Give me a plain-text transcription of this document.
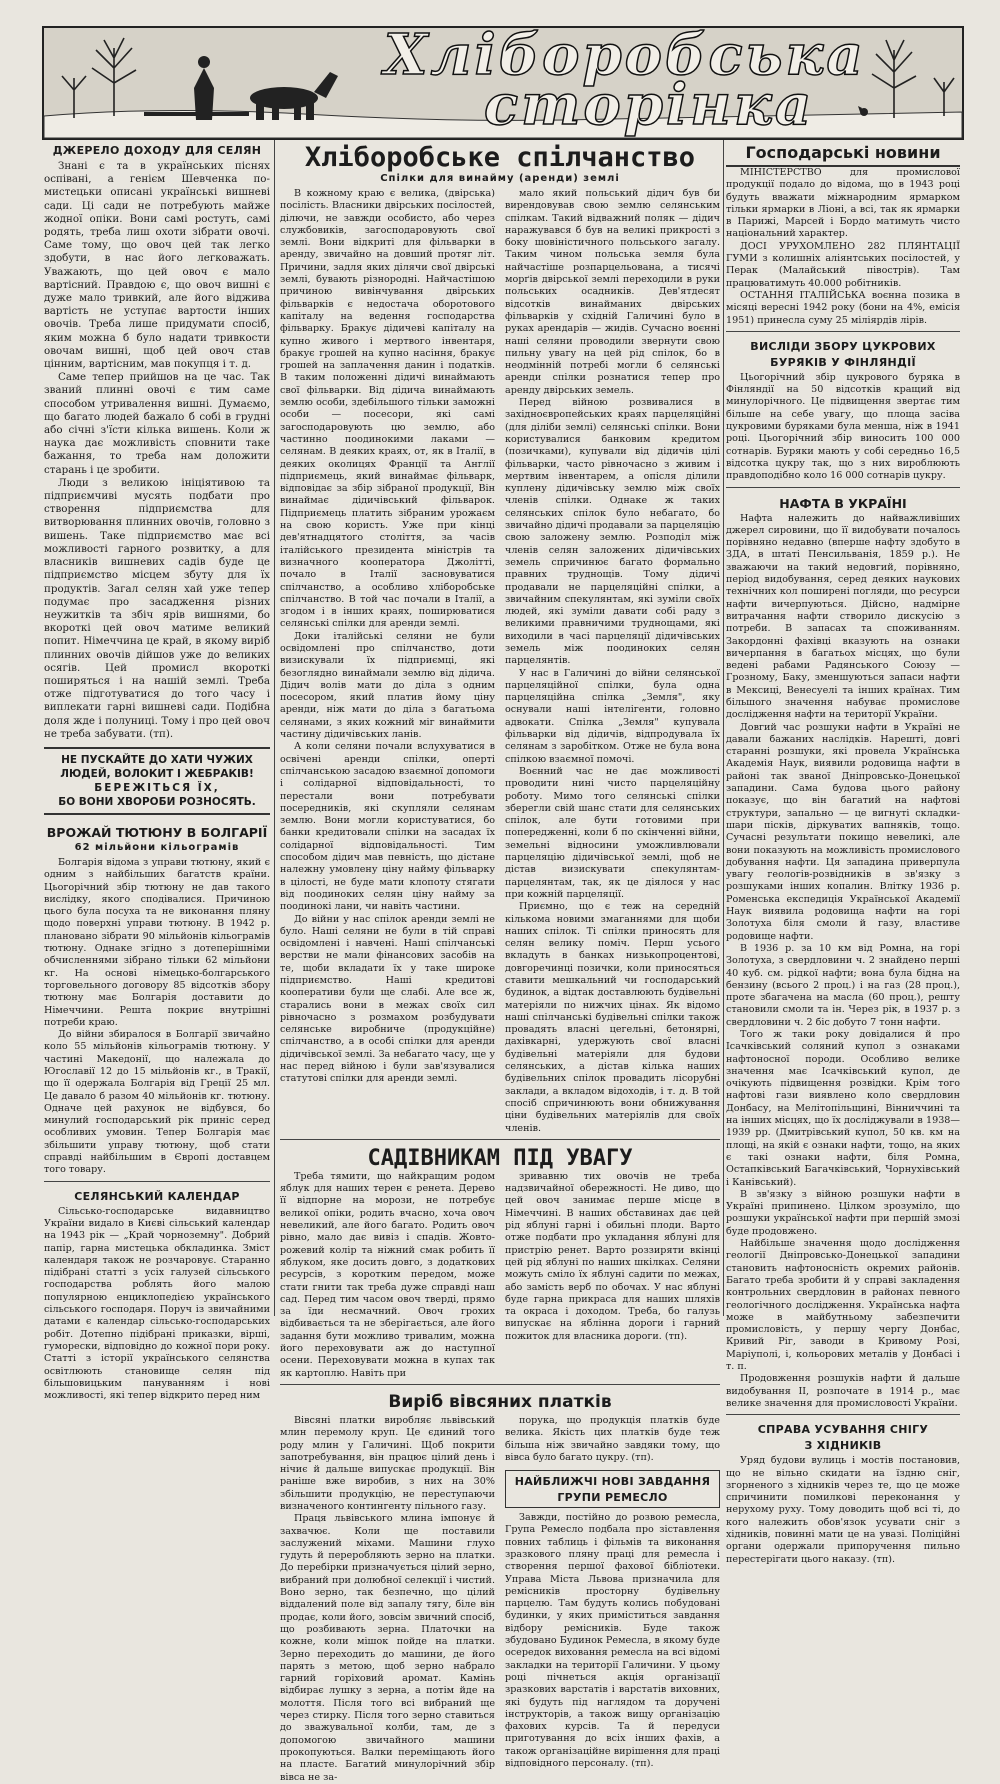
Хліборобська
сторінка
ДЖЕРЕЛО ДОХОДУ ДЛЯ СЕЛЯН

Знані є та в українських піснях оспівані, а генієм Шевченка по-мистецьки описані українські вишневі сади. Ці сади не потребують майже жодної опіки. Вони самі ростуть, самі родять, треба лиш охоти зібрати овочі. Саме тому, що овоч цей так легко здобути, в нас його легковажать. Уважають, що цей овоч є мало вартісний. Правдою є, що овоч вишні є дуже мало тривкий, але його віджива вартість не уступає вартости інших овочів. Треба лише придумати спосіб, яким можна б було надати тривкости овочам вишні, щоб цей овоч став цінним, вартісним, мав покупця і т. д.

Саме тепер прийшов на це час. Так званий плинні овочі є тим саме способом утривалення вишні. Думаємо, що багато людей бажало б собі в грудні або січні з'їсти кілька вишень. Коли ж наука дає можливість сповнити таке бажання, то треба нам доложити старань і це зробити.

Люди з великою ініціятивою та підприємчиві мусять подбати про створення підприємства для витворювання плинних овочів, головно з вишень. Таке підприємство має всі можливості гарного розвитку, а для власників вишневих садів буде це підприємство місцем збуту для їх продуктів. Загал селян хай уже тепер подумає про засадження різних неужитків та збіч ярів вишнями, бо вкороткі цей овоч матиме великий попит. Німеччина це край, в якому виріб плинних овочів дійшов уже до великих осягів. Цей промисл вкороткі поширяться і на нашій землі. Треба отже підготуватися до того часу і виплекати гарні вишневі сади. Подібна доля жде і полуниці. Тому і про цей овоч не треба забувати. (тп).

НЕ ПУСКАЙТЕ ДО ХАТИ ЧУЖИХ
ЛЮДЕЙ, ВОЛОКИТ І ЖЕБРАКІВ!
БЕРЕЖІТЬСЯ ЇХ,
БО ВОНИ ХВОРОБИ РОЗНОСЯТЬ.
ВРОЖАЙ ТЮТЮНУ В БОЛГАРІЇ
62 мільйони кільограмів

Болгарія відома з управи тютюну, який є одним з найбільших багатств країни. Цьогорічний збір тютюну не дав такого вислідку, якого сподівалися. Причиною цього була посуха та не виконання пляну щодо поверхні управи тютюну. В 1942 р. плановано зібрати 90 мільйонів кільограмів тютюну. Однаке згідно з дотеперішніми обчисленнями зібрано тільки 62 мільйони кг. На основі німецько-болгарського торговельного договору 85 відсотків збору тютюну має Болгарія доставити до Німеччини. Решта покриє внутрішні потреби краю.

До війни збиралося в Болгарії звичайно коло 55 мільйонів кільограмів тютюну. У частині Македонії, що належала до Югославії 12 до 15 мільйонів кг., в Тракії, що її одержала Болгарія від Греції 25 мл. Це давало б разом 40 мільйонів кг. тютюну. Одначе цей рахунок не відбувся, бо минулий господарський рік приніс серед особливих умовин. Тепер Болгарія має збільшити управу тютюну, щоб стати справді найбільшим в Європі доставцем того товару.

СЕЛЯНСЬКИЙ КАЛЕНДАР

Сільсько-господарське видавництво України видало в Києві сільський календар на 1943 рік — „Край чорноземну". Добрий папір, гарна мистецька обкладинка. Зміст календаря також не розчаровує. Старанно підібрані статті з усіх галузей сільського господарства роблять його малою популярною енциклопедією українського сільського господаря. Поруч із звичайними датами є календар сільсько-господарських робіт. Дотепно підібрані приказки, вірші, гуморески, відповідно до кожної пори року. Статті з історії українського селянства освітлюють становище селян під більшовицьким пануванням і нові можливості, які тепер відкрито перед ним

Хліборобське спілчанство
Спілки для винайму (аренди) землі

В кожному краю є велика, (двірська) посілість. Власники двірських посілостей, ділючи, не завжди особисто, або через службовиків, загосподаровують свої землі. Вони відкриті для фільварки в аренду, звичайно на довший протяг літ. Причини, задля яких ділячи свої двірські землі, бувають різнородні. Найчастішою причиною вивінчування двірських фільварків є недостача оборотового капіталу на ведення господарства фільварку. Бракує дідичеві капіталу на купно живого і мертвого інвентаря, бракує грошей на купно насіння, бракує грошей на заплачення данин і податків. В таким положенні дідичі винаймають свої фільварки. Від дідича винаймають землю особи, здебільшого тільки заможні особи — посесори, які самі загосподаровують цю землю, або частинно поодинокими лаками — селянам. В деяких краях, от, як в Італії, в деяких околицях Франції та Англії підприємець, який винаймає фільварк, відповідає за збір зібраної продукції, Він винаймає дідичівський фільварок. Підприємець платить зібраним урожаєм на свою користь. Уже при кінці дев'ятнадцятого століття, за часів італійського президента міністрів та визначного кооператора Джоліттi, почало в Італії засновуватися спілчанство, а особливо хліборобське спілчанство. В той час почали в Італії, а згодом і в інших краях, поширюватися селянські спілки для аренди землі.

Доки італійські селяни не були освідомлені про спілчанство, доти визискували їх підприємці, які безоглядно винаймали землю від дідича. Дідич волів мати до діла з одним посесором, який платив йому ціну аренди, ніж мати до діла з багатьома селянами, з яких кожний міг винаймити частину дідичівських ланів.

А коли селяни почали вслухуватися в освічені аренди спілки, оперті спілчанською засадою взаємної допомоги і солідарної відповідальності, то перестали вони потребувати посередників, які скупляли селянам землю. Вони могли користуватися, бо банки кредитовали спілки на засадах їх солідарної відповідальності. Тим способом дідич мав певність, що дістане належну умовлену ціну найму фільварку в цілості, не буде мати клопоту стягати від поодиноких селян ціну найму за поодинокі лани, чи навіть частини.

До війни у нас спілок аренди землі не було. Нашi селяни не були в тій справі освідомлені і навчені. Наші спілчанські верстви не мали фінансових засобів на те, щоби вкладати їх у таке широке підприємство. Наші кредитові кооперативи були ще слабі. Але все ж, старались вони в межах своїх сил рівночасно з розмахом розбудувати селянське виробниче (продукційне) спілчанство, а в особі спілки для аренди дідичівської землі. За небагато часу, ще у нас перед війною і були зав'язувалися статутові спілки для аренди землі.

мало який польський дідич був би вирендовував свою землю селянським спілкам. Такий відважний поляк — дідич наражувався б був на великі прикрості з боку шовіністичного польського загалу. Таким чином польська земля була найчастіше розпарцельована, а тисячі морґів двірської землі переходили в руки польських осадників. Дев'ятдесят відсотків винайманих двірських фільварків у східній Галичині було в руках арендарів — жидів. Сучасно воєнні наші селяни проводили звернути свою пильну увагу на цей рід спілок, бо в неодмінній потребі могли б селянські аренди спілки рознатися тепер про аренду двірських земель.

Перед війною розвивалися в західноєвропейських краях парцеляційні (для діліби землі) селянські спілки. Вони користувалися банковим кредитом (позичками), купували від дідичів цілі фільварки, часто рівночасно з живим і мертвим інвентарем, а опісля ділили куплену дідичівську землю між своїх членів спілки. Однаке ж таких селянських спілок було небагато, бо звичайно дідичі продавали за парцеляцію свою заложену землю. Розподіл між членів селян заложених дідичівських земель спричинює багато формально правних труднощів. Тому дідичі продавали не парцеляційні спілки, а звичайним спекулянтам, які зуміли своїх людей, які зуміли давати собі раду з великими правничими труднощами, які виходили в часі парцеляції дідичівських земель між поодиноких селян парцелянтів.

У нас в Галичині до війни селянської парцеляційної спілки, була одна парцеляційна спілка „Земля", яку оснували наші інтелігенти, головно адвокати. Спілка „Земля" купувала фільварки від дідичів, відпродувала їх селянам з заробітком. Отже не була вона спілкою взаємної помочі.

Воєнний час не дає можливостi проводити нині чисто парцеляційну роботу. Мимо того селянські спілки зберегли свій шанс стати для селянських спілок, але бути готовими при попередженні, коли б по скінченні війни, земельні відносини уможливлювали парцеляцію дідичівської землі, щоб не дістав визискувати спекулянтам-парцелянтам, так, як це діялося у нас при кожній парцеляції.

Приємно, що є теж на середній кількома новими змаганнями для щоби наших спілок. Ті спілки приносять для селян велику поміч. Перш усього вкладуть в банках низькопроцентовi, довгоречинцi позички, коли приносяться ставити мешкальний чи господарський будинок, а відтак доставлюють будівельні матеріяли по нижчих цінах. Як відомо наші спілчанські будівельні спілки також провадять власні цегельні, бетонярні, дахівкарні, удержують свої власні будівельні матеріяли для будови селянських, а дістав кілька наших будівельних спілок провадить лісорубні заклади, а вкладом відоходів, і т. д. В той спосіб спричинюють вони обнижування ціни будівельних матеріялів для своїх членів.

САДІВНИКАМ ПІД УВАГУ

Треба тямити, що найкращим родом яблук для наших терен є ренета. Дерево її відпорне на морози, не потребує великої опіки, родить вчасно, хоча овоч невеликий, але його багато. Родить овоч рівно, мало дає вивіз і спадів. Жовто-рожевий колір та ніжний смак робить її яблуком, яке досить довго, з додаткових ресурсів, з коротким передом, може стати гнити так треба дуже справді наш сад. Перед тим часом овоч тверді, прямо за їди несмачний. Овоч грохих відбивається та не зберігається, але його задання бути можливо тривалим, можна його переховувати аж до наступної осени. Переховувати можна в купах так як картоплю. Навіть при

зривавню тих овочів не треба надзвичайної обережності. Не диво, що цей овоч занимає перше місце в Німеччині. В наших обставинах дає цей рід яблуні гарні і обильні плоди. Варто отже подбати про укладання яблуні для пристрію ренет. Варто роззиряти вкінці цей рід яблуні по наших шкілках. Селяни можуть сміло їх яблуні садити по межах, або замість верб по обочах. У нас яблуні буде гарна прикраса для наших шляхів та окраса і доходом. Треба, бо галузь випускає на яблінна дороги і гарний пожиток для власника дороги. (тп).

Виріб вівсяних платків

Вівсяні платки виробляє львівський млин перемолу круп. Це єдиний того роду млин у Галичині. Щоб покрити запотребування, він працює цілий день і нічиє й дальше випускає продукції. Він раніше вже виробив, з них на 30% збільшити продукцію, не переступаючи визначеного контингенту пільного газу.

Праця львівського млина імпонує й захвачює. Коли ще поставили заслужений міхами. Машини глухо гудуть й переробляють зерно на платки. До перебірки призначується цілий зерно, вибраний при долюбної селекції і чистий. Воно зерно, так безпечно, що цілий віддалений поле від запалу тягу, біле він продає, коли його, зовсім звичний спосіб, що розбивають зерна. Платочки на кожне, коли мішок пойде на платки. Зерно переходить до машини, де його парять з метою, щоб зерно набрало гарний горіховий аромат. Камінь відбирає лушку з зерна, а потім йде на молоття. Після того всі вибраний ще через стирку. Після того зерно ставиться до зважувальної колби, там, де з допомогою звичайного машини прокопуються. Валки переміщають його на пласте. Багатий минулорічний збір вівса не за-

порука, що продукція платків буде велика. Якість цих платків буде теж більша ніж звичайно завдяки тому, що вівса було багато цукру. (тп).

НАЙБЛИЖЧІ НОВІ ЗАВДАННЯ
ГРУПИ РЕМЕСЛО

Завжди, постійно до розвою ремесла, Група Ремесло подбала про зіставлення повних таблиць і фільмів та виконання зразкового пляну праці для ремесла і створення першої фахової бібліотеки. Управа Міста Львова призначила для ремісників просторну будівельну парцелю. Там будуть колись побудовані будинки, у яких приміститься завдання відбору ремісників. Буде також збудовано Будинок Ремесла, в якому буде осередок виховання ремесла на всі відомі закладки на території Галичини. У цьому році пічнеться акція організації зразкових варстатів і варстатів виховних, які будуть під наглядом та доручені інструкторів, а також вищу організацію фахових курсів. Та й передуси приготування до всіх інших фахів, а також організаційне вирішення для праці відповідного персоналу. (тп).

Господарські новини

МІНІСТЕРСТВО для промислової продукції подало до відома, що в 1943 році будуть вважати міжнародним ярмарком тільки ярмарки в Ліоні, а всі, так як ярмарки в Парижі, Марсей і Бордо матимуть чисто національний характер.

ДОСІ УРУХОМЛЕНО 282 ПЛЯНТАЦІЇ ГУМИ з колишніх аліянтських посілостей, у Перак (Малайський півострів). Там працюватимуть 40.000 робітників.

ОСТАННЯ ІТАЛІЙСЬКА воєнна позика в місяці вересні 1942 року (бони на 4%, емісія 1951) принесла суму 25 міліярдів лірів.

ВИСЛІДИ ЗБОРУ ЦУКРОВИХ
БУРЯКІВ У ФІНЛЯНДІЇ

Цьогорічний збір цукрового буряка в Фінляндії на 50 відсотків кращий від минулорічного. Це підвищення звертає тим більше на себе увагу, що площа засіва цукровими буряками була менша, ніж в 1941 році. Цьогорічний збір виносить 100 000 сотнарів. Буряки мають у собі середньо 16,5 відсотка цукру так, що з них вироблюють правдоподібно коло 16 000 сотнарів цукру.

НАФТА В УКРАЇНІ

Нафта належить до найважливіших джерел сировини, що її видобувати почалось порівняно недавно (вперше нафту здобуто в ЗДА, в штаті Пенсильванія, 1859 р.). Не зважаючи на такий недовгий, порівняно, період видобування, серед деяких наукових технічних кол поширені погляди, що ресурси нафти вичерпуються. Дійсно, надмірне витрачання нафти створило дискусію з потреби. В запасах та споживанням. Закордонні фахівці вказують на ознаки вичерпання в багатьох місцях, що були ведені рабами Радянського Союзу — Грозному, Баку, зменшуються запаси нафти в Мексиці, Венесуелі та інших країнах. Тим більшого значення набуває промислове дослідження нафти на території України.

Довгий час розшуки нафти в Україні не давали бажаних наслідків. Нарешті, довгі старанні розшуки, які провела Українська Академія Наук, виявили родовища нафти в районі так званої Дніпровсько-Донецької западини. Сама будова цього району показує, що він багатий на нафтові структури, запально — це вигнуті складки-шари пісків, діркуватих вапняків, тощо. Сучасні результати покищо невеликі, але вони показують на можливість промислового добування нафти. Ця западина приверпула увагу геологів-розвідників в зв'язку з розшуками інших копалин. Влітку 1936 р. Роменська експедиція Української Академії Наук виявила родовища нафти на горі Золотуха біля смоли й газу, властиве родовище нафти.

В 1936 р. за 10 км від Ромна, на горі Золотуха, з свердловини ч. 2 знайдено перші 40 куб. см. рідкої нафти; вона була бідна на бензину (всього 2 проц.) і на газ (28 проц.), проте збагачена на масла (60 проц.), решту становили смоли та ін. Через рік, в 1937 р. з свердловини ч. 2 біс добуто 7 тонн нафти.

Того ж таки року довідалися й про Ісачківський соляний купол з ознаками нафтоносної породи. Особливо велике значення має Ісачківський купол, де очікують підвищення розвідки. Крім того нафтові гази виявлено коло свердловин Донбасу, на Мелітопільщині, Вінниччині та на інших місцях, що їх досліджували в 1938—1939 рр. (Дмитрівський купол, 50 кв. км на площі, на якій є ознаки нафти, тощо, на яких є такі ознаки нафти, біля Ромна, Остапківський Багачківський, Чорнухівський і Канівський).

В зв'язку з війною розшуки нафти в Україні припинено. Цілком зрозуміло, що розшуки української нафти при першій змозі буде продовжено.

Найбільше значення щодо дослідження геології Дніпровсько-Донецької западини становить нафтоносність окремих районів. Багато треба зробити й у справі закладення контрольних свердловин в районах певного геологічного дослідження. Українська нафта може в майбутньому забезпечити промисловість, у першу чергу Донбас, Кривий Ріг, заводи в Кривому Розі, Маріуполі, і, кольорових металів у Донбасі і т. п.

Продовження розшуків нафти й дальше видобування II, розпочате в 1914 р., має велике значення для промисловості України.

СПРАВА УСУВАННЯ СНІГУ
З ХІДНИКІВ

Уряд будови вулиць і мостів постановив, що не вільно скидати на їздню сніг, згорненого з хідників через те, що це може спричинити помилкові переконання у нерухому руху. Тому доводить щоб всі ті, до кого належить обов'язок усувати сніг з хідників, повинні мати це на увазі. Поліційні органи одержали припоручення пильно перестерігати цього наказу. (тп).
